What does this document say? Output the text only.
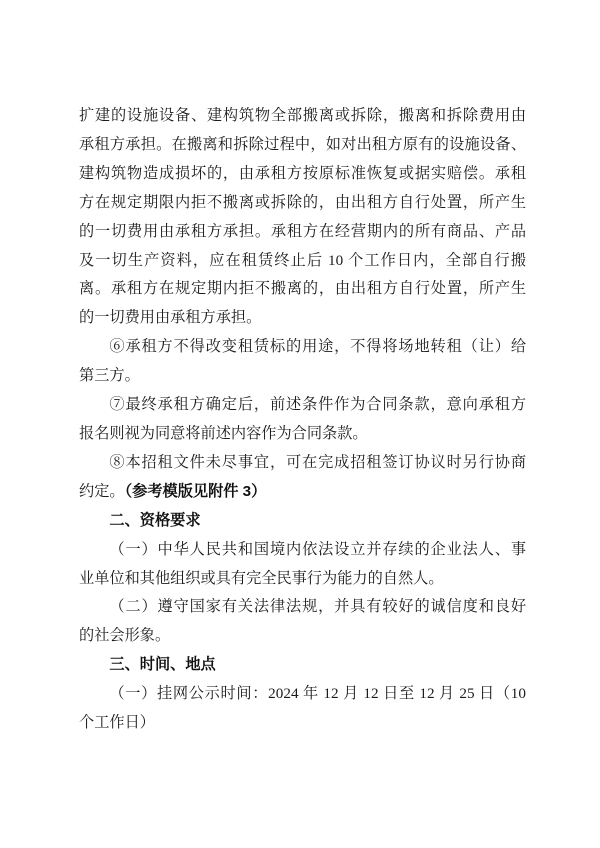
扩建的设施设备、建构筑物全部搬离或拆除，搬离和拆除费用由
承租方承担。在搬离和拆除过程中，如对出租方原有的设施设备、
建构筑物造成损坏的，由承租方按原标准恢复或据实赔偿。承租
方在规定期限内拒不搬离或拆除的，由出租方自行处置，所产生
的一切费用由承租方承担。承租方在经营期内的所有商品、产品
及一切生产资料，应在租赁终止后 10 个工作日内，全部自行搬
离。承租方在规定期内拒不搬离的，由出租方自行处置，所产生
的一切费用由承租方承担。
⑥承租方不得改变租赁标的用途，不得将场地转租（让）给
第三方。
⑦最终承租方确定后，前述条件作为合同条款，意向承租方
报名则视为同意将前述内容作为合同条款。
⑧本招租文件未尽事宜，可在完成招租签订协议时另行协商
约定。（参考模版见附件 3）
二、资格要求
（一）中华人民共和国境内依法设立并存续的企业法人、事
业单位和其他组织或具有完全民事行为能力的自然人。
（二）遵守国家有关法律法规，并具有较好的诚信度和良好
的社会形象。
三、时间、地点
（一）挂网公示时间：2024 年 12 月 12 日至 12 月 25 日（10
个工作日）
